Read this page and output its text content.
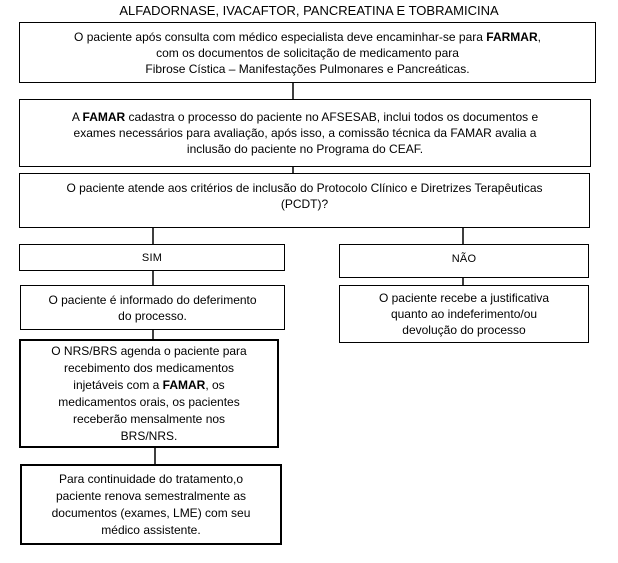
ALFADORNASE, IVACAFTOR, PANCREATINA E TOBRAMICINA
O paciente após consulta com médico especialista deve encaminhar-se para FARMAR,
com os documentos de solicitação de medicamento para
Fibrose Cística – Manifestações Pulmonares e Pancreáticas.
A FAMAR cadastra o processo do paciente no AFSESAB, inclui todos os documentos e
exames necessários para avaliação, após isso, a comissão técnica da FAMAR avalia a
inclusão do paciente no Programa do CEAF.
O paciente atende aos critérios de inclusão do Protocolo Clínico e Diretrizes Terapêuticas
(PCDT)?
SIM	NÃO
O paciente é informado do deferimento
do processo.
O paciente recebe a justificativa
quanto ao indeferimento/ou
devolução do processo
O NRS/BRS agenda o paciente para
recebimento dos medicamentos
injetáveis com a FAMAR, os
medicamentos orais, os pacientes
receberão mensalmente nos
BRS/NRS.
Para continuidade do tratamento,o
paciente renova semestralmente as
documentos (exames, LME) com seu
médico assistente.
